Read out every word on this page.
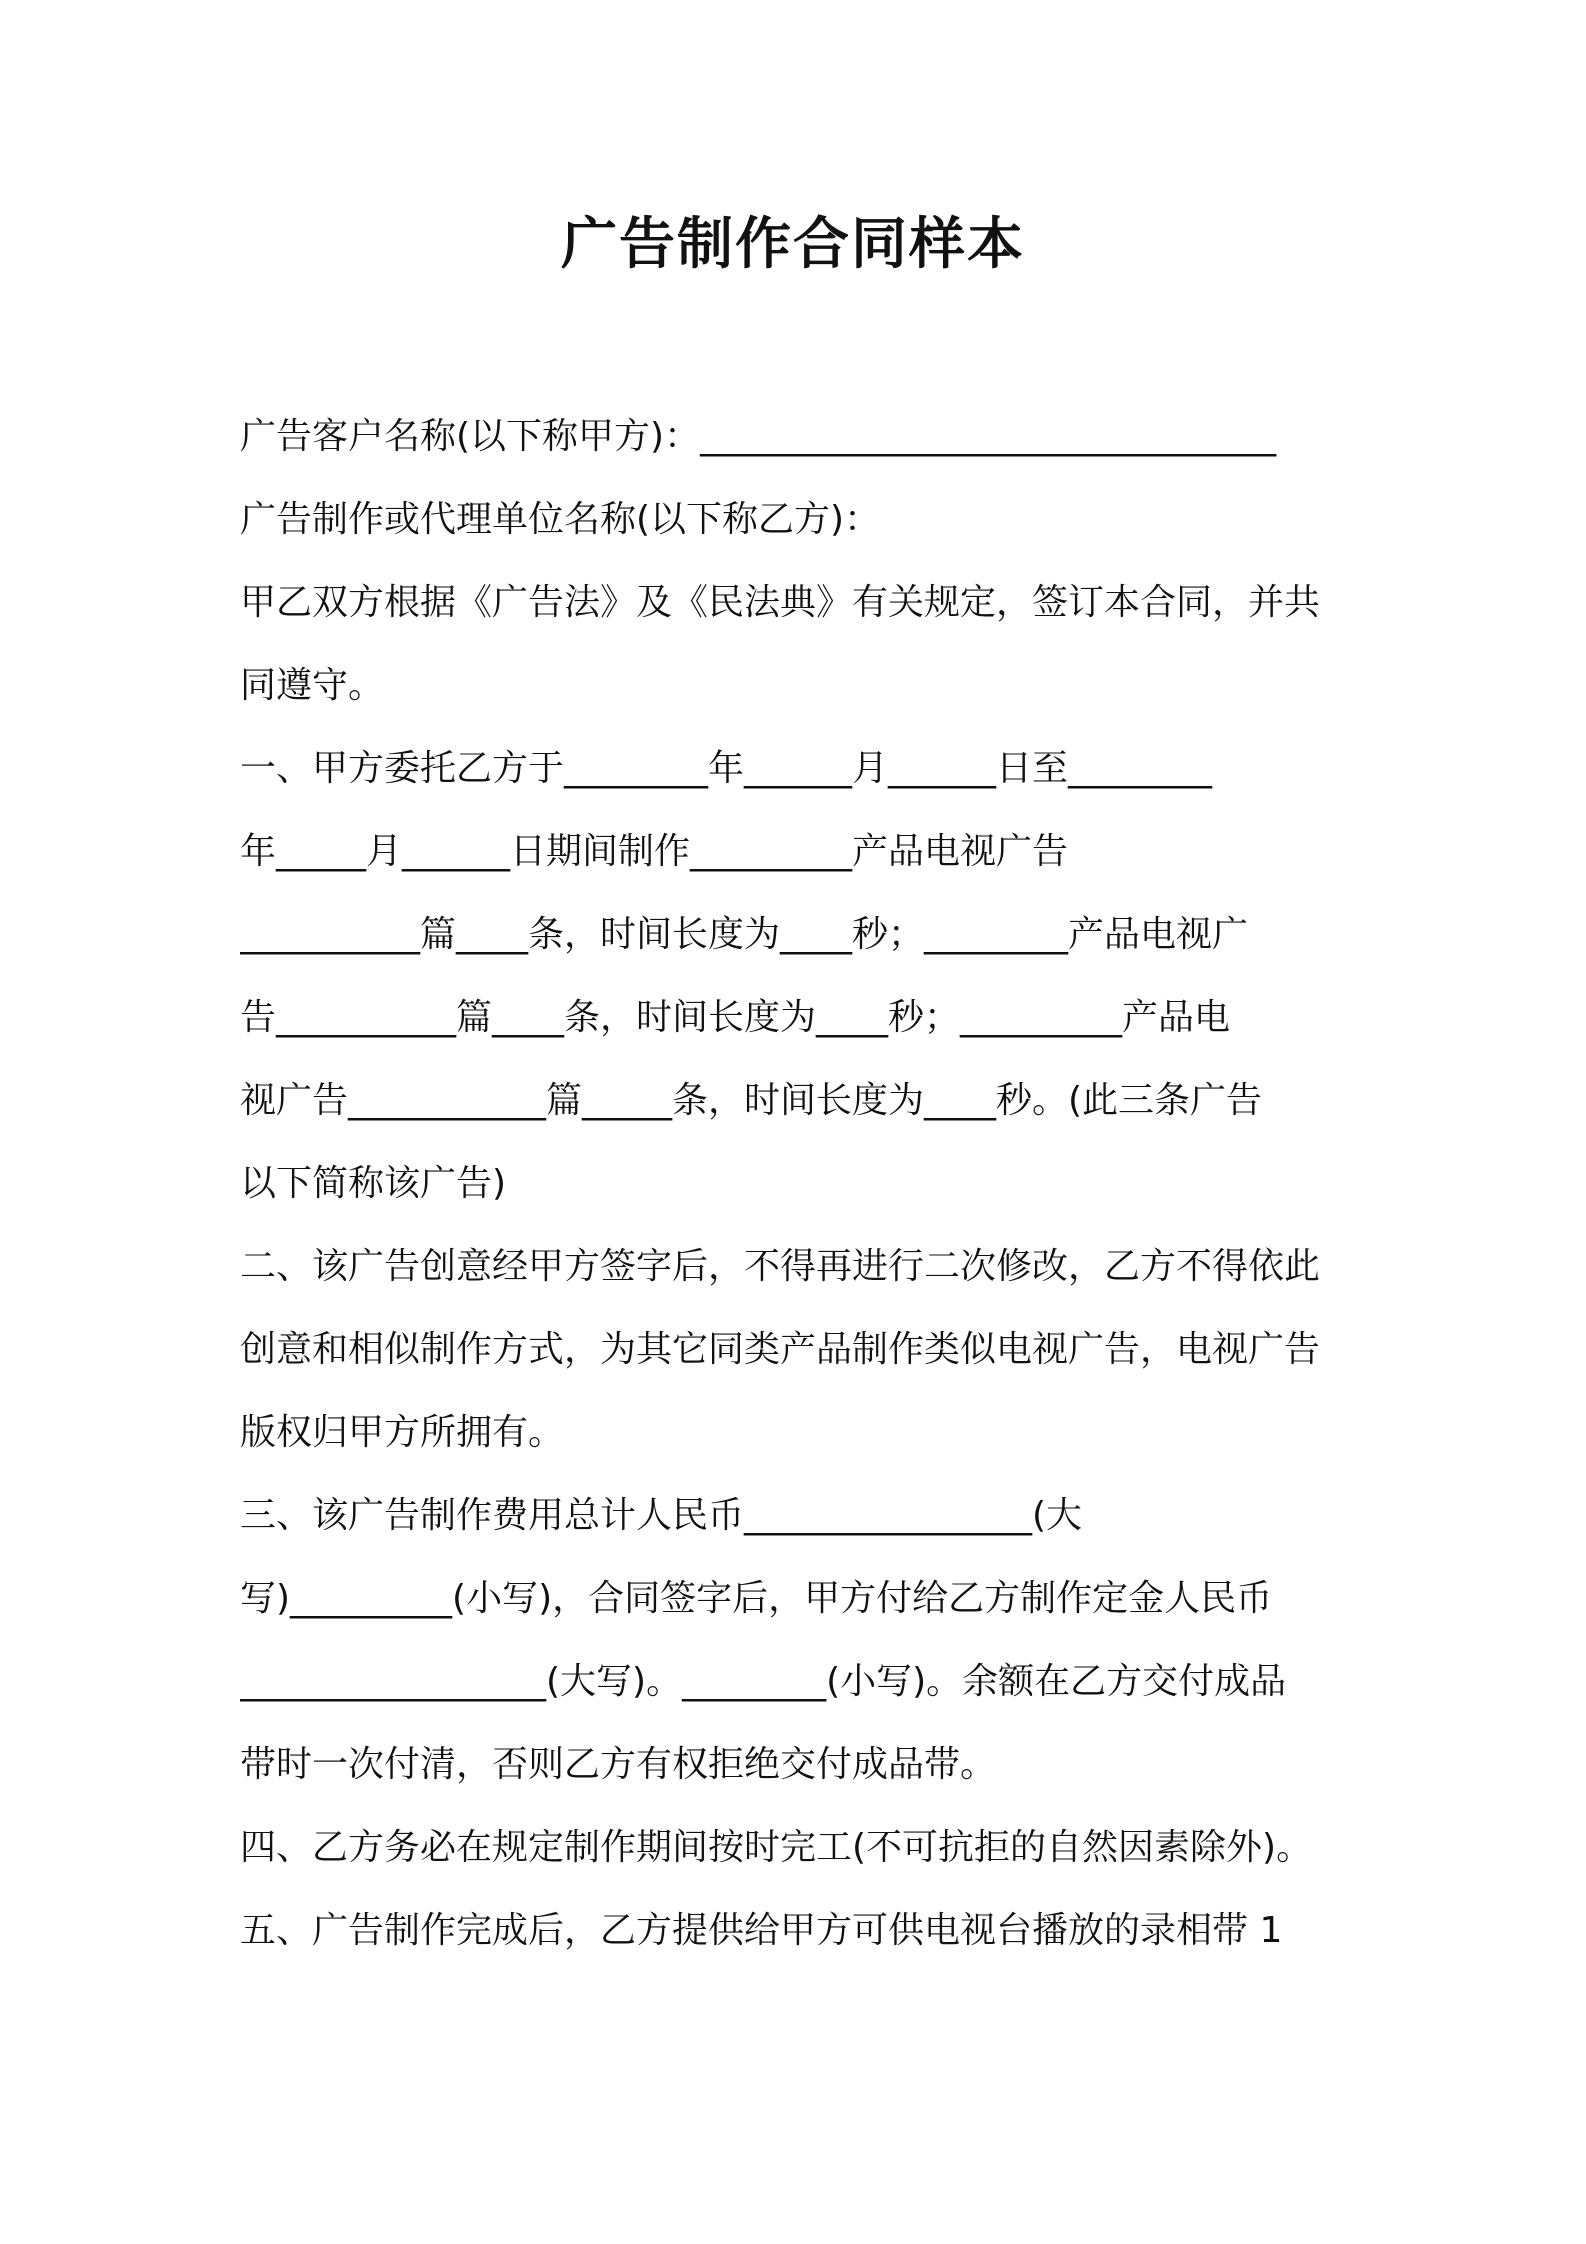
广告制作合同样本
广告客户名称(以下称甲方)：________________________________
广告制作或代理单位名称(以下称乙方)：
甲乙双方根据《广告法》及《民法典》有关规定，签订本合同，并共
同遵守。
一、甲方委托乙方于________年______月______日至________
年_____月______日期间制作_________产品电视广告
__________篇____条，时间长度为____秒；________产品电视广
告__________篇____条，时间长度为____秒；_________产品电
视广告___________篇_____条，时间长度为____秒。(此三条广告
以下简称该广告)
二、该广告创意经甲方签字后，不得再进行二次修改，乙方不得依此
创意和相似制作方式，为其它同类产品制作类似电视广告，电视广告
版权归甲方所拥有。
三、该广告制作费用总计人民币________________(大
写)_________(小写)，合同签字后，甲方付给乙方制作定金人民币
_________________(大写)。________(小写)。余额在乙方交付成品
带时一次付清，否则乙方有权拒绝交付成品带。
四、乙方务必在规定制作期间按时完工(不可抗拒的自然因素除外)。
五、广告制作完成后，乙方提供给甲方可供电视台播放的录相带 1
